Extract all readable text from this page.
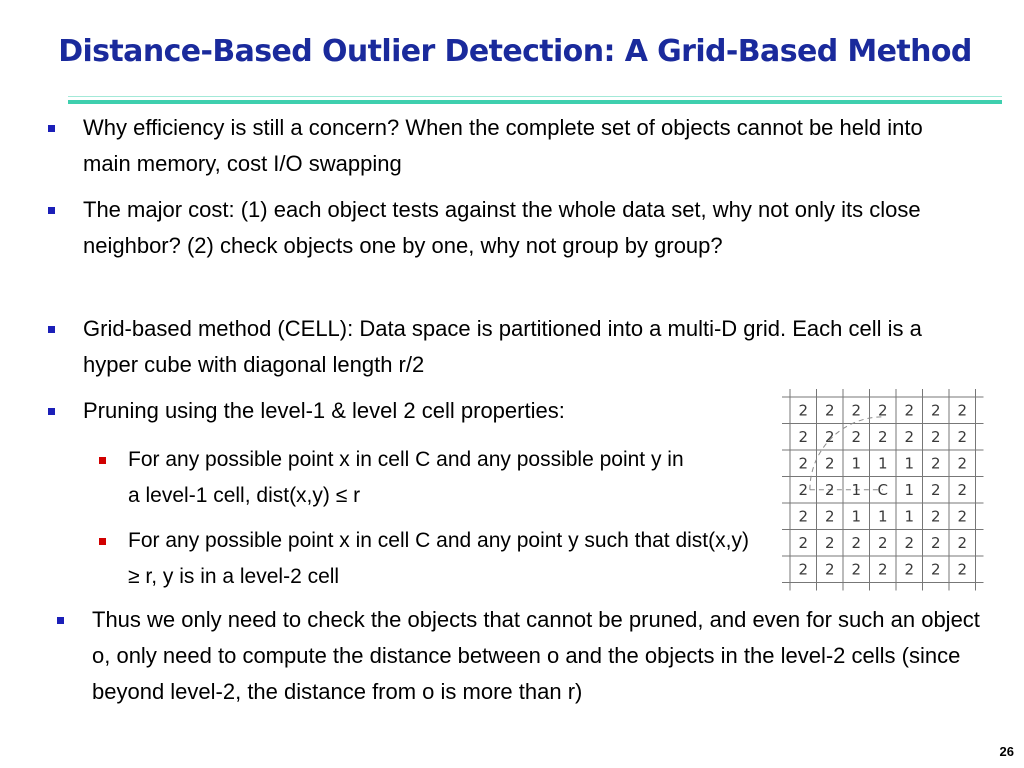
Distance-Based Outlier Detection: A Grid-Based Method
Why efficiency is still a concern? When the complete set of objects cannot be held into main memory, cost I/O swapping
The major cost: (1) each object tests against the whole data set, why not only its close neighbor? (2) check objects one by one, why not group by group?
Grid-based method (CELL): Data space is partitioned into a multi-D grid. Each cell is a hyper cube with diagonal length r/2
Pruning using the level-1 & level 2 cell properties:
For any possible point x in cell C and any possible point y in a level-1 cell, dist(x,y) ≤ r
For any possible point x in cell C and any point y such that dist(x,y) ≥ r, y is in a level-2 cell
Thus we only need to check the objects that cannot be pruned, and even for such an object o, only need to compute the distance between o and the objects in the level-2 cells (since beyond level-2, the distance from o is more than r)
2 2 2 2 2 2 2
2 2 2 2 2 2 2
2 2 1 1 1 2 2
2 2 1 C 1 2 2
2 2 1 1 1 2 2
2 2 2 2 2 2 2
2 2 2 2 2 2 2
26
